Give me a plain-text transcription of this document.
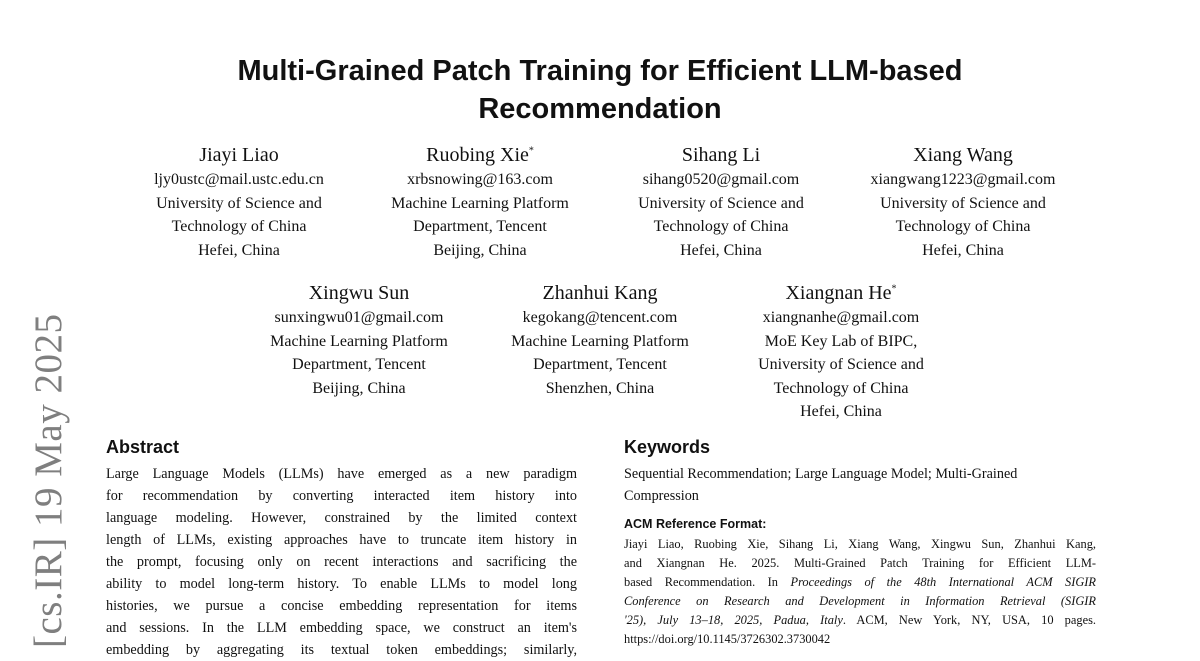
Multi-Grained Patch Training for Efficient LLM-based
Recommendation
Jiayi Liao
ljy0ustc@mail.ustc.edu.cn
University of Science and
Technology of China
Hefei, China
Ruobing Xie*
xrbsnowing@163.com
Machine Learning Platform
Department, Tencent
Beijing, China
Sihang Li
sihang0520@gmail.com
University of Science and
Technology of China
Hefei, China
Xiang Wang
xiangwang1223@gmail.com
University of Science and
Technology of China
Hefei, China
Xingwu Sun
sunxingwu01@gmail.com
Machine Learning Platform
Department, Tencent
Beijing, China
Zhanhui Kang
kegokang@tencent.com
Machine Learning Platform
Department, Tencent
Shenzhen, China
Xiangnan He*
xiangnanhe@gmail.com
MoE Key Lab of BIPC,
University of Science and
Technology of China
Hefei, China
[cs.IR] 19 May 2025 Abstract
Large Language Models (LLMs) have emerged as a new paradigm
for recommendation by converting interacted item history into
language modeling. However, constrained by the limited context
length of LLMs, existing approaches have to truncate item history in
the prompt, focusing only on recent interactions and sacrificing the
ability to model long-term history. To enable LLMs to model long
histories, we pursue a concise embedding representation for items
and sessions. In the LLM embedding space, we construct an item's
embedding by aggregating its textual token embeddings; similarly,
Keywords
Sequential Recommendation; Large Language Model; Multi-Grained
Compression
ACM Reference Format:
Jiayi Liao, Ruobing Xie, Sihang Li, Xiang Wang, Xingwu Sun, Zhanhui Kang,
and Xiangnan He. 2025. Multi-Grained Patch Training for Efficient LLM-
based Recommendation. In Proceedings of the 48th International ACM SIGIR
Conference on Research and Development in Information Retrieval (SIGIR
'25), July 13–18, 2025, Padua, Italy. ACM, New York, NY, USA, 10 pages.
https://doi.org/10.1145/3726302.3730042
